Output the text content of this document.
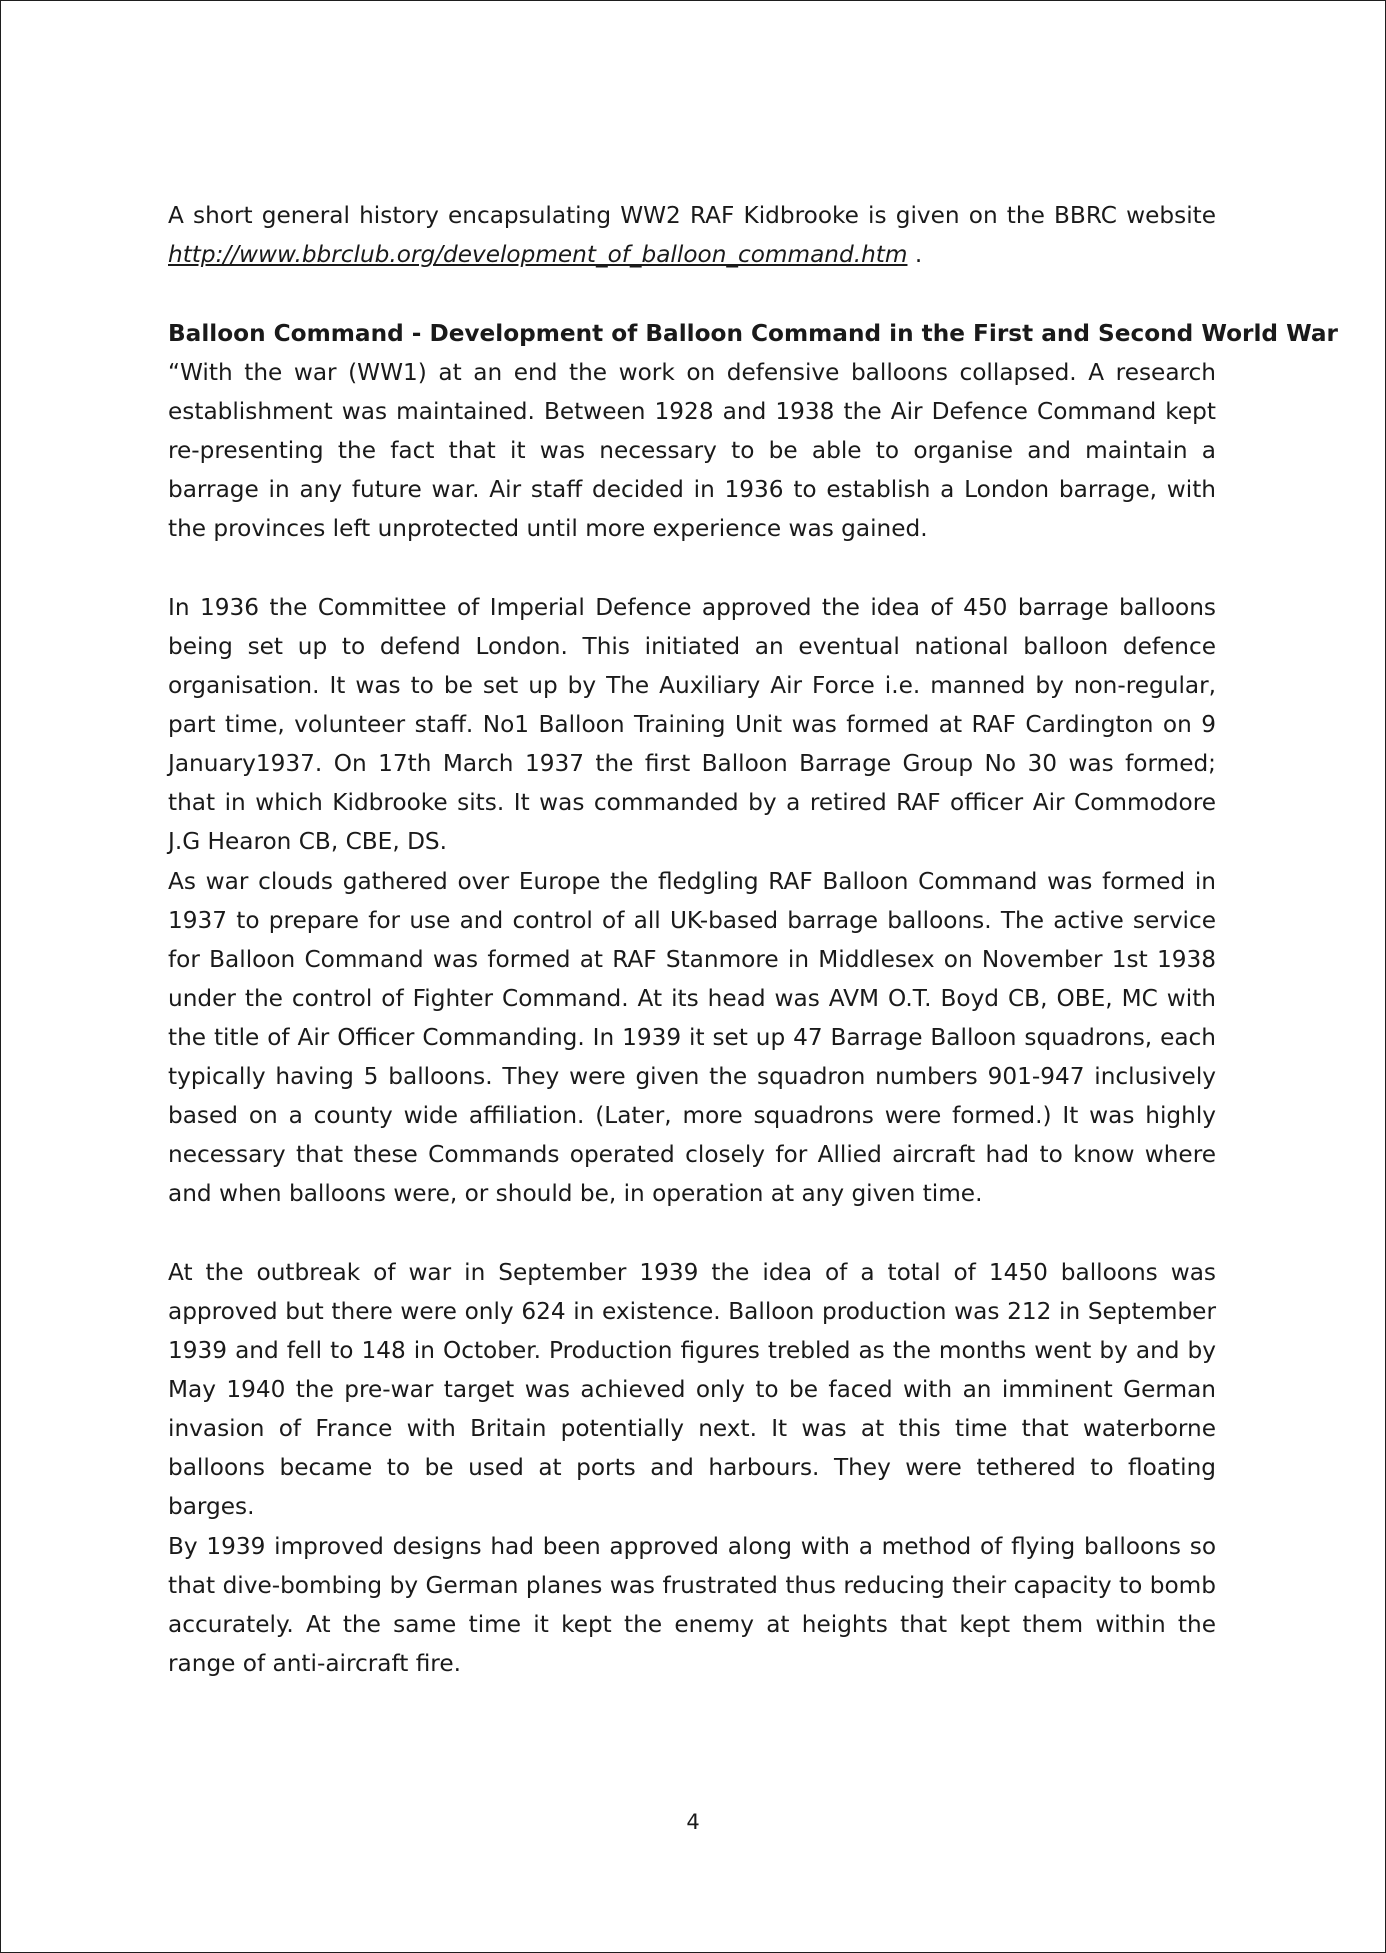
A short general history encapsulating WW2 RAF Kidbrooke is given on the BBRC website http://www.bbrclub.org/development_of_balloon_command.htm .

Balloon Command - Development of Balloon Command in the First and Second World War

“With the war (WW1) at an end the work on defensive balloons collapsed. A research establishment was maintained. Between 1928 and 1938 the Air Defence Command kept re-presenting the fact that it was necessary to be able to organise and maintain a barrage in any future war. Air staff decided in 1936 to establish a London barrage, with the provinces left unprotected until more experience was gained.

In 1936 the Committee of Imperial Defence approved the idea of 450 barrage balloons being set up to defend London. This initiated an eventual national balloon defence organisation. It was to be set up by The Auxiliary Air Force i.e. manned by non-regular, part time, volunteer staff. No1 Balloon Training Unit was formed at RAF Cardington on 9 January1937. On 17th March 1937 the first Balloon Barrage Group No 30 was formed; that in which Kidbrooke sits. It was commanded by a retired RAF officer Air Commodore J.G Hearon CB, CBE, DS.

As war clouds gathered over Europe the fledgling RAF Balloon Command was formed in 1937 to prepare for use and control of all UK-based barrage balloons. The active service for Balloon Command was formed at RAF Stanmore in Middlesex on November 1st 1938 under the control of Fighter Command. At its head was AVM O.T. Boyd CB, OBE, MC with the title of Air Officer Commanding. In 1939 it set up 47 Barrage Balloon squadrons, each typically having 5 balloons. They were given the squadron numbers 901-947 inclusively based on a county wide affiliation. (Later, more squadrons were formed.) It was highly necessary that these Commands operated closely for Allied aircraft had to know where and when balloons were, or should be, in operation at any given time.

At the outbreak of war in September 1939 the idea of a total of 1450 balloons was approved but there were only 624 in existence. Balloon production was 212 in September 1939 and fell to 148 in October. Production figures trebled as the months went by and by May 1940 the pre-war target was achieved only to be faced with an imminent German invasion of France with Britain potentially next. It was at this time that waterborne balloons became to be used at ports and harbours. They were tethered to floating barges.

By 1939 improved designs had been approved along with a method of flying balloons so that dive-bombing by German planes was frustrated thus reducing their capacity to bomb accurately. At the same time it kept the enemy at heights that kept them within the range of anti-aircraft fire.

4
